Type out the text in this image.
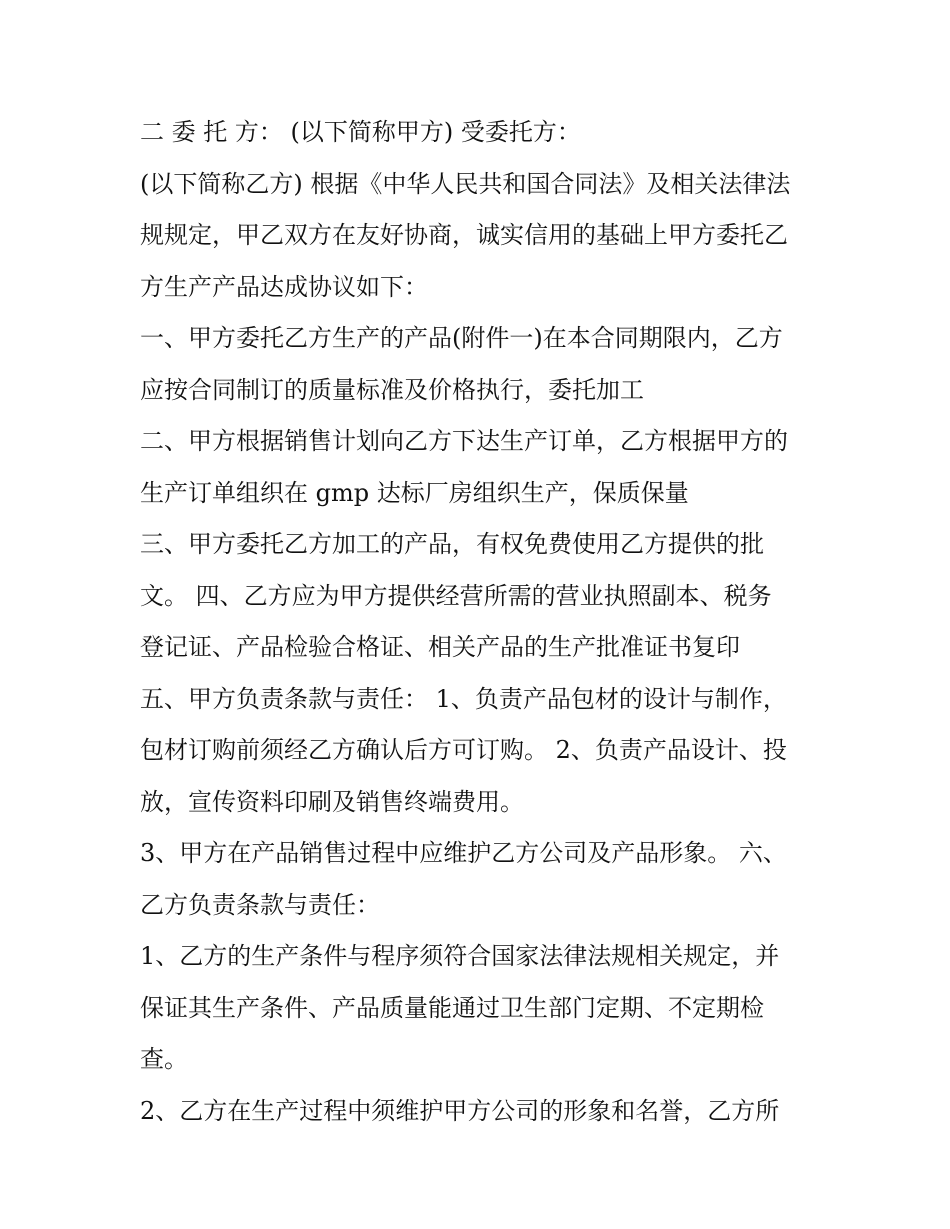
二 委 托 方： (以下简称甲方) 受委托方：
(以下简称乙方) 根据《中华人民共和国合同法》及相关法律法
规规定，甲乙双方在友好协商，诚实信用的基础上甲方委托乙
方生产产品达成协议如下：
一、甲方委托乙方生产的产品(附件一)在本合同期限内，乙方
应按合同制订的质量标准及价格执行，委托加工
二、甲方根据销售计划向乙方下达生产订单，乙方根据甲方的
生产订单组织在 gmp 达标厂房组织生产，保质保量
三、甲方委托乙方加工的产品，有权免费使用乙方提供的批
文。 四、乙方应为甲方提供经营所需的营业执照副本、税务
登记证、产品检验合格证、相关产品的生产批准证书复印
五、甲方负责条款与责任： 1、负责产品包材的设计与制作，
包材订购前须经乙方确认后方可订购。 2、负责产品设计、投
放，宣传资料印刷及销售终端费用。
3、甲方在产品销售过程中应维护乙方公司及产品形象。 六、
乙方负责条款与责任：
1、乙方的生产条件与程序须符合国家法律法规相关规定，并
保证其生产条件、产品质量能通过卫生部门定期、不定期检
查。
2、乙方在生产过程中须维护甲方公司的形象和名誉，乙方所
